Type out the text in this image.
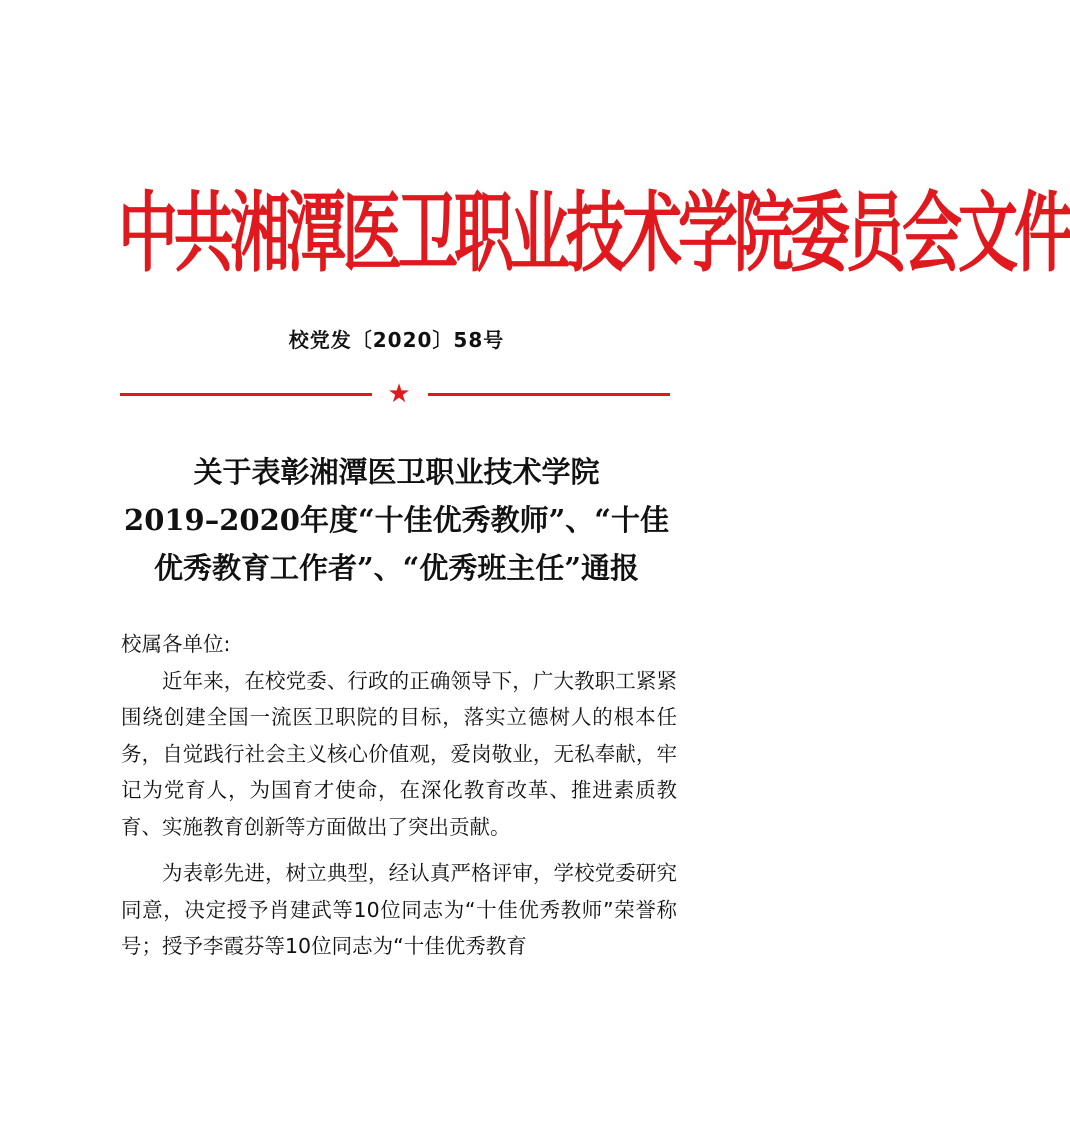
中共湘潭医卫职业技术学院委员会文件
校党发〔2020〕58号
★
关于表彰湘潭医卫职业技术学院
2019–2020年度“十佳优秀教师”、“十佳
优秀教育工作者”、“优秀班主任”通报

校属各单位:

近年来，在校党委、行政的正确领导下，广大教职工紧紧围绕创建全国一流医卫职院的目标，落实立德树人的根本任务，自觉践行社会主义核心价值观，爱岗敬业，无私奉献，牢记为党育人，为国育才使命，在深化教育改革、推进素质教育、实施教育创新等方面做出了突出贡献。

为表彰先进，树立典型，经认真严格评审，学校党委研究同意，决定授予肖建武等10位同志为“十佳优秀教师”荣誉称号；授予李霞芬等10位同志为“十佳优秀教育
